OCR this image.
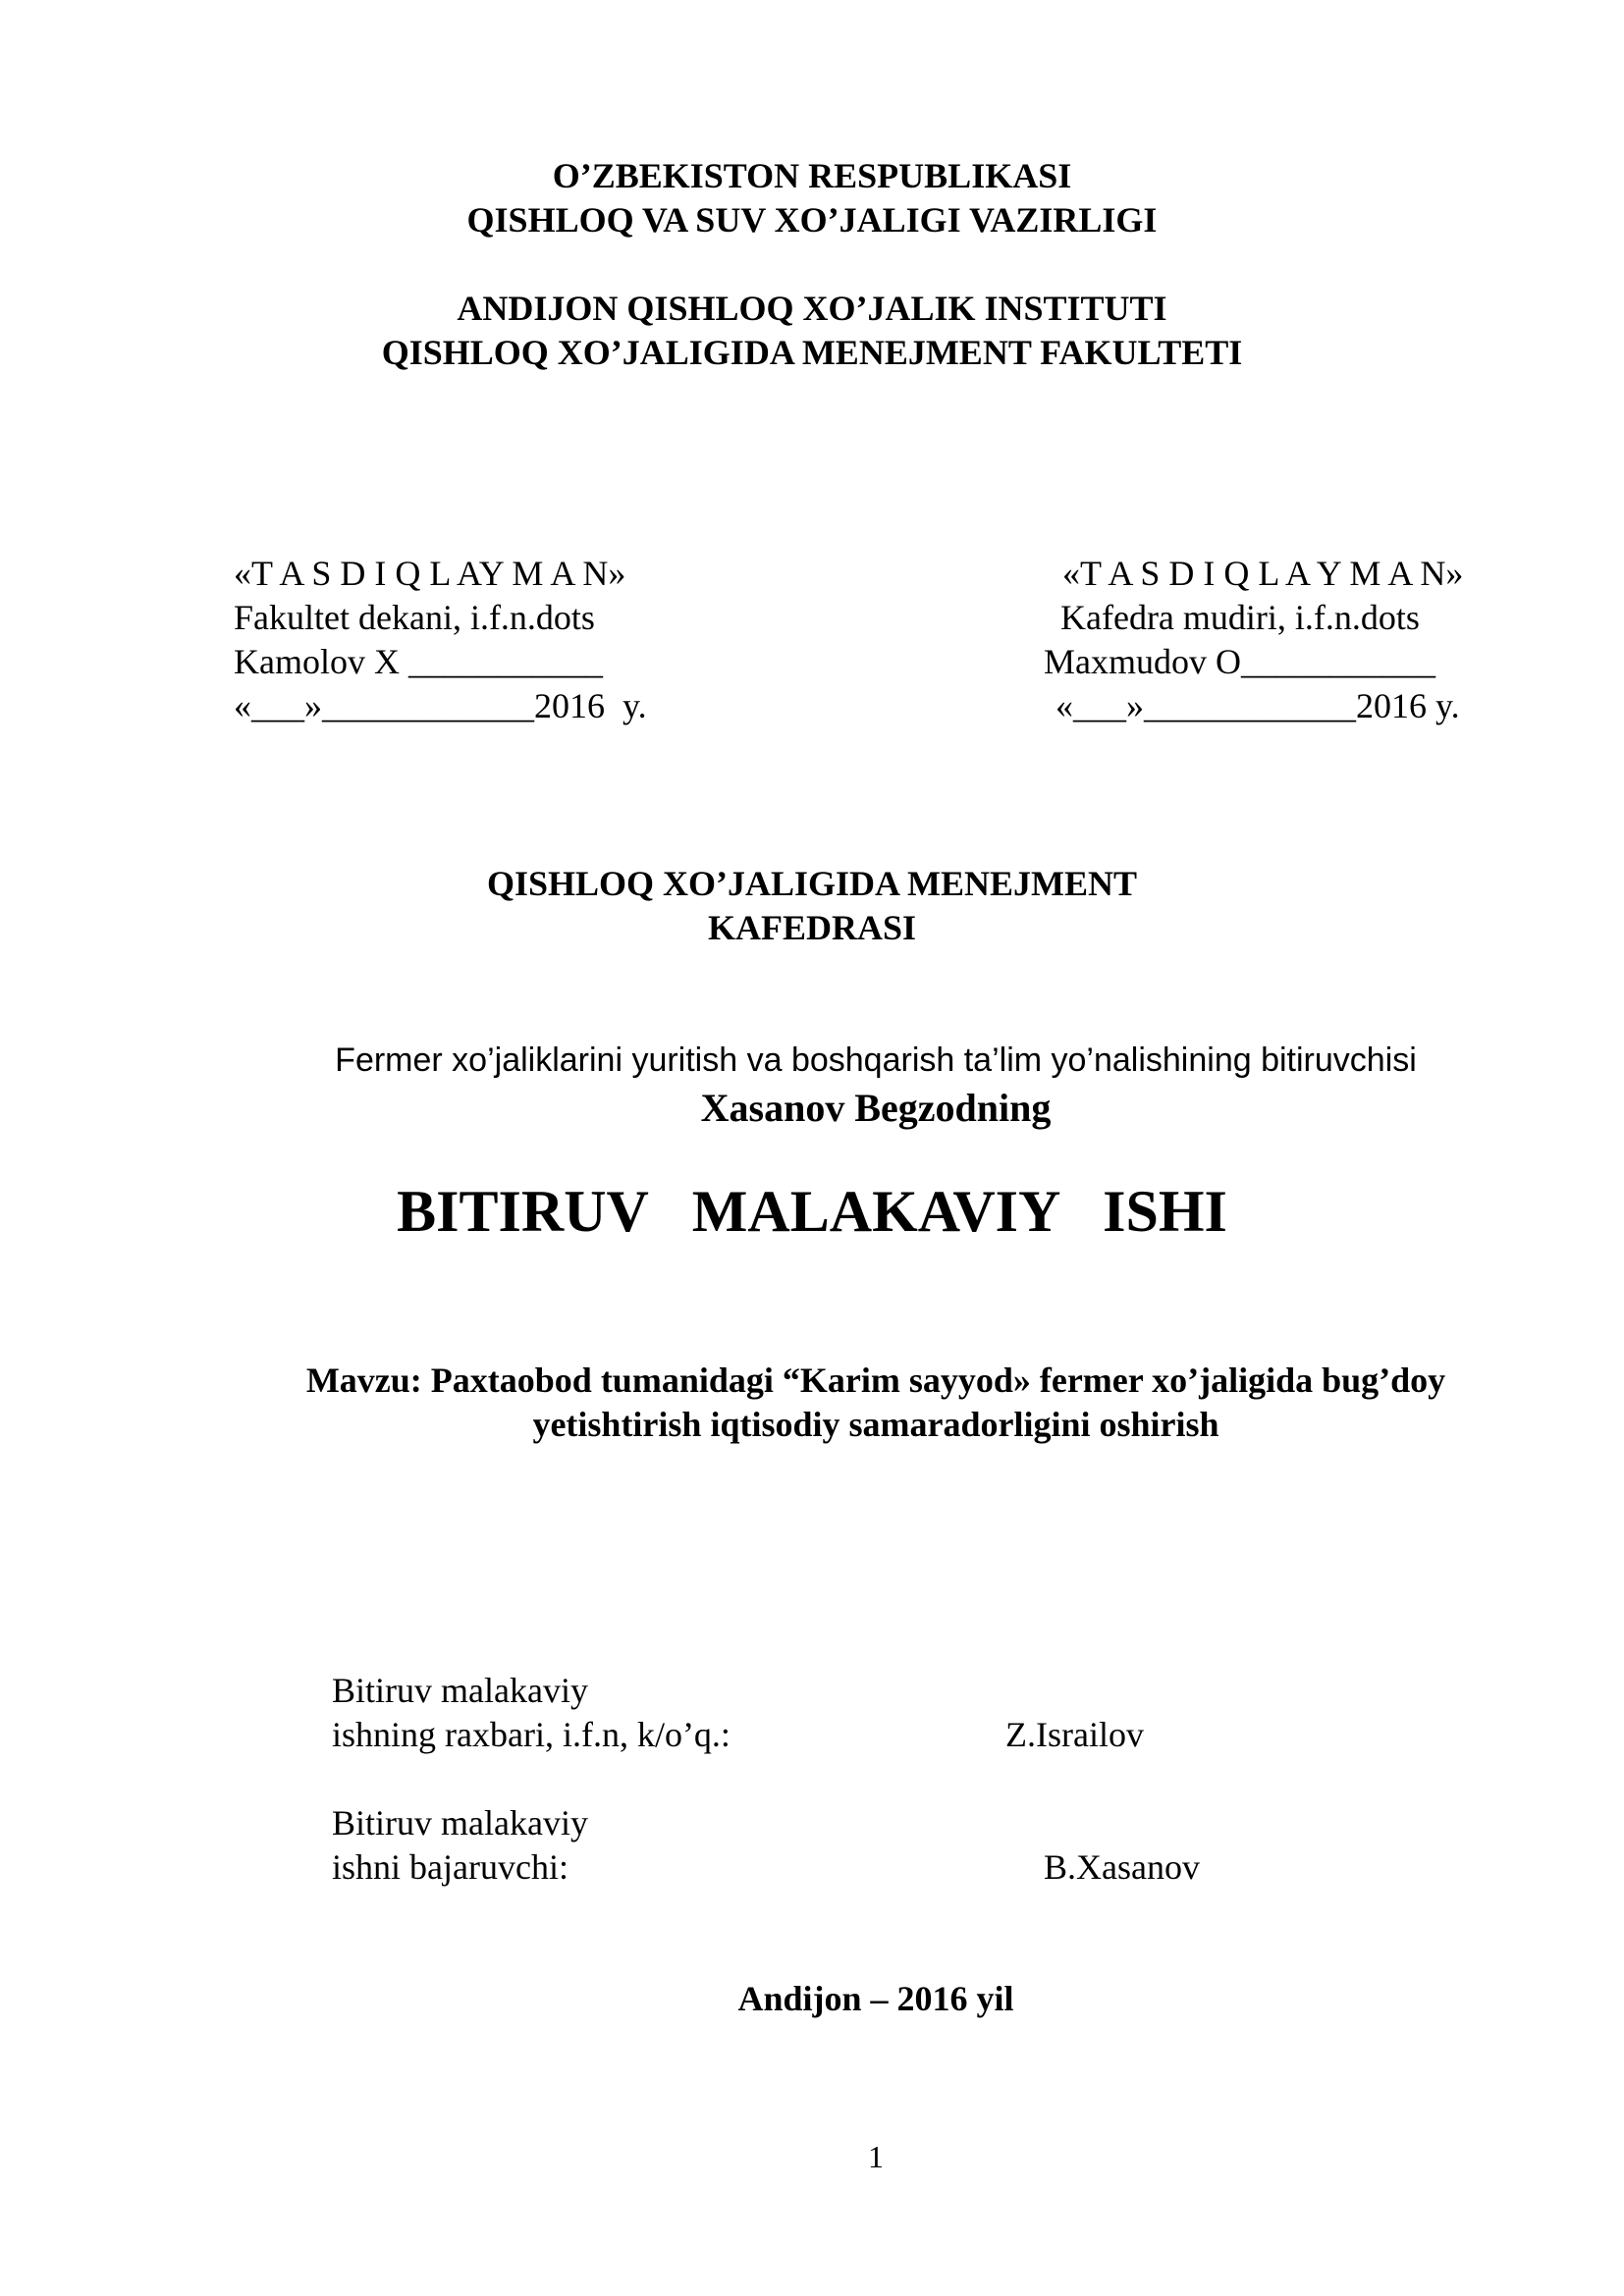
O’ZBEKISTON RESPUBLIKASI
QISHLOQ VA SUV XO’JALIGI VAZIRLIGI
ANDIJON QISHLOQ XO’JALIK INSTITUTI
QISHLOQ XO’JALIGIDA MENEJMENT FAKULTETI
«T A S D I Q L AY M A N»
Fakultet dekani, i.f.n.dots
Kamolov X ___________
«___»____________2016  y.
«T A S D I Q L A Y M A N»
Kafedra mudiri, i.f.n.dots
Maxmudov O___________
«___»____________2016 y.
QISHLOQ XO’JALIGIDA MENEJMENT
KAFEDRASI
Fermer xo’jaliklarini yuritish va boshqarish ta’lim yo’nalishining bitiruvchisi
Xasanov Begzodning
BITIRUV   MALAKAVIY   ISHI
Mavzu: Paxtaobod tumanidagi “Karim sayyod» fermer xo’jaligida bug’doy
yetishtirish iqtisodiy samaradorligini oshirish
Bitiruv malakaviy
ishning raxbari, i.f.n, k/o’q.:	Z.Israilov
Bitiruv malakaviy
ishni bajaruvchi:	B.Xasanov
Andijon – 2016 yil
1
